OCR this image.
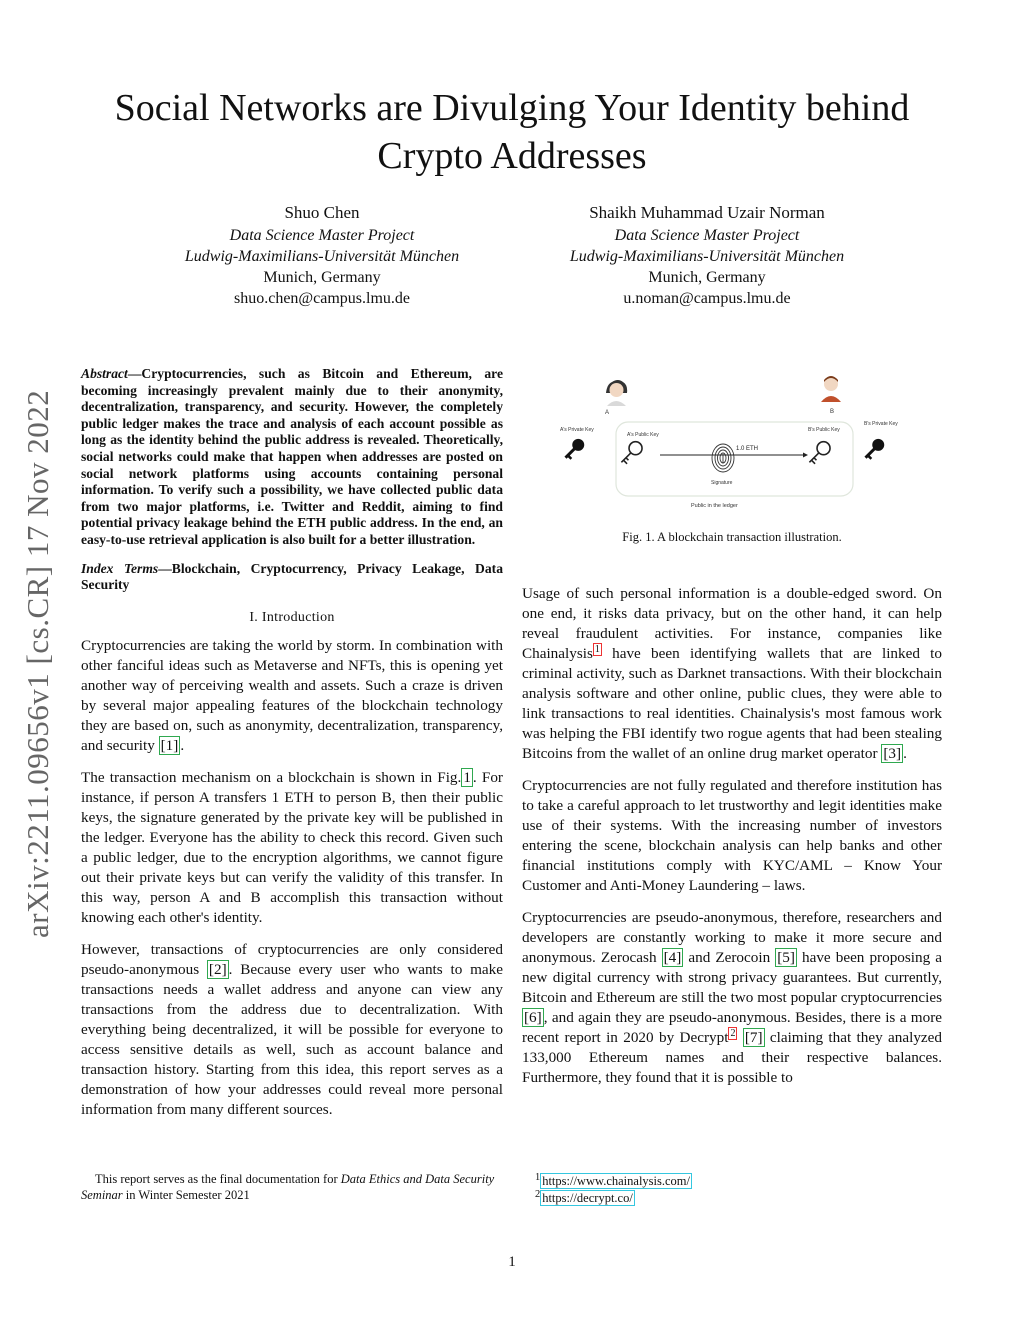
Social Networks are Divulging Your Identity behind Crypto Addresses
Shuo Chen
Data Science Master Project
Ludwig-Maximilians-Universität München
Munich, Germany
shuo.chen@campus.lmu.de
Shaikh Muhammad Uzair Norman
Data Science Master Project
Ludwig-Maximilians-Universität München
Munich, Germany
u.noman@campus.lmu.de
arXiv:2211.09656v1 [cs.CR] 17 Nov 2022

Abstract—Cryptocurrencies, such as Bitcoin and Ethereum, are becoming increasingly prevalent mainly due to their anonymity, decentralization, transparency, and security. However, the completely public ledger makes the trace and analysis of each account possible as long as the identity behind the public address is revealed. Theoretically, social networks could make that happen when addresses are posted on social network platforms using accounts containing personal information. To verify such a possibility, we have collected public data from two major platforms, i.e. Twitter and Reddit, aiming to find potential privacy leakage behind the ETH public address. In the end, an easy-to-use retrieval application is also built for a better illustration.

Index Terms—Blockchain, Cryptocurrency, Privacy Leakage, Data Security

I. Introduction

Cryptocurrencies are taking the world by storm. In combination with other fanciful ideas such as Metaverse and NFTs, this is opening yet another way of perceiving wealth and assets. Such a craze is driven by several major appealing features of the blockchain technology they are based on, such as anonymity, decentralization, transparency, and security [1] .

The transaction mechanism on a blockchain is shown in Fig. 1 . For instance, if person A transfers 1 ETH to person B, then their public keys, the signature generated by the private key will be published in the ledger. Everyone has the ability to check this record. Given such a public ledger, due to the encryption algorithms, we cannot figure out their private keys but can verify the validity of this transfer. In this way, person A and B accomplish this transaction without knowing each other's identity.

However, transactions of cryptocurrencies are only considered pseudo-anonymous [2] . Because every user who wants to make transactions needs a wallet address and anyone can view any transactions from the address due to decentralization. With everything being decentralized, it will be possible for everyone to access sensitive details as well, such as account balance and transaction history. Starting from this idea, this report serves as a demonstration of how your addresses could reveal more personal information from many different sources.

This report serves as the final documentation for Data Ethics and Data Security Seminar in Winter Semester 2021
A	B
A's Private Key
A's Public Key
B's Public Key
B's Private Key
1.0 ETH
Signature
Public in the ledger
Fig. 1. A blockchain transaction illustration.

Usage of such personal information is a double-edged sword. On one end, it risks data privacy, but on the other hand, it can help reveal fraudulent activities. For instance, companies like Chainalysis $^1$ have been identifying wallets that are linked to criminal activity, such as Darknet transactions. With their blockchain analysis software and other online, public clues, they were able to link transactions to real identities. Chainalysis's most famous work was helping the FBI identify two rogue agents that had been stealing Bitcoins from the wallet of an online drug market operator [3] .

Cryptocurrencies are not fully regulated and therefore institution has to take a careful approach to let trustworthy and legit identities make use of their systems. With the increasing number of investors entering the scene, blockchain analysis can help banks and other financial institutions comply with KYC/AML – Know Your Customer and Anti-Money Laundering – laws.

Cryptocurrencies are pseudo-anonymous, therefore, researchers and developers are constantly working to make it more secure and anonymous. Zerocash [4] and Zerocoin [5] have been proposing a new digital currency with strong privacy guarantees. But currently, Bitcoin and Ethereum are still the two most popular cryptocurrencies [6] , and again they are pseudo-anonymous. Besides, there is a more recent report in 2020 by Decrypt $^2$ [7] claiming that they analyzed 133,000 Ethereum names and their respective balances. Furthermore, they found that it is possible to

$^1$ https://www.chainalysis.com/
$^2$ https://decrypt.co/
1
